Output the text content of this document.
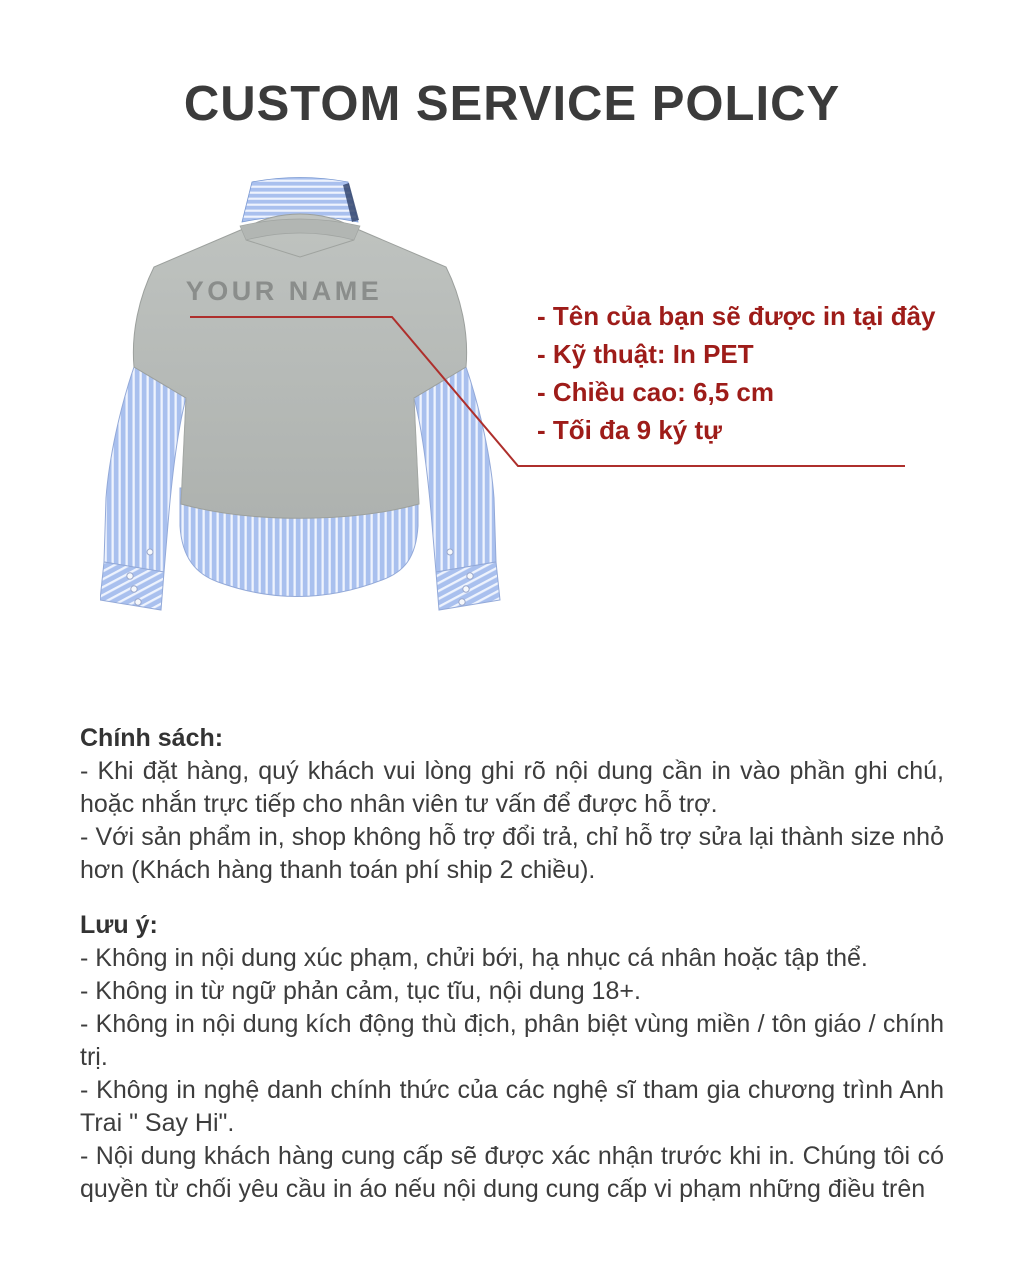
CUSTOM SERVICE POLICY
YOUR NAME

- Tên của bạn sẽ được in tại đây

- Kỹ thuật: In PET

- Chiều cao: 6,5 cm

- Tối đa 9 ký tự

Chính sách:

- Khi đặt hàng, quý khách vui lòng ghi rõ nội dung cần in vào phần ghi chú, hoặc nhắn trực tiếp cho nhân viên tư vấn để được hỗ trợ.

- Với sản phẩm in, shop không hỗ trợ đổi trả, chỉ hỗ trợ sửa lại thành size nhỏ hơn (Khách hàng thanh toán phí ship 2 chiều).

Lưu ý:

- Không in nội dung xúc phạm, chửi bới, hạ nhục cá nhân hoặc tập thể.

- Không in từ ngữ phản cảm, tục tĩu, nội dung 18+.

- Không in nội dung kích động thù địch, phân biệt vùng miền / tôn giáo / chính trị.

- Không in nghệ danh chính thức của các nghệ sĩ tham gia chương trình Anh Trai " Say Hi".

- Nội dung khách hàng cung cấp sẽ được xác nhận trước khi in. Chúng tôi có quyền từ chối yêu cầu in áo nếu nội dung cung cấp vi phạm những điều trên
